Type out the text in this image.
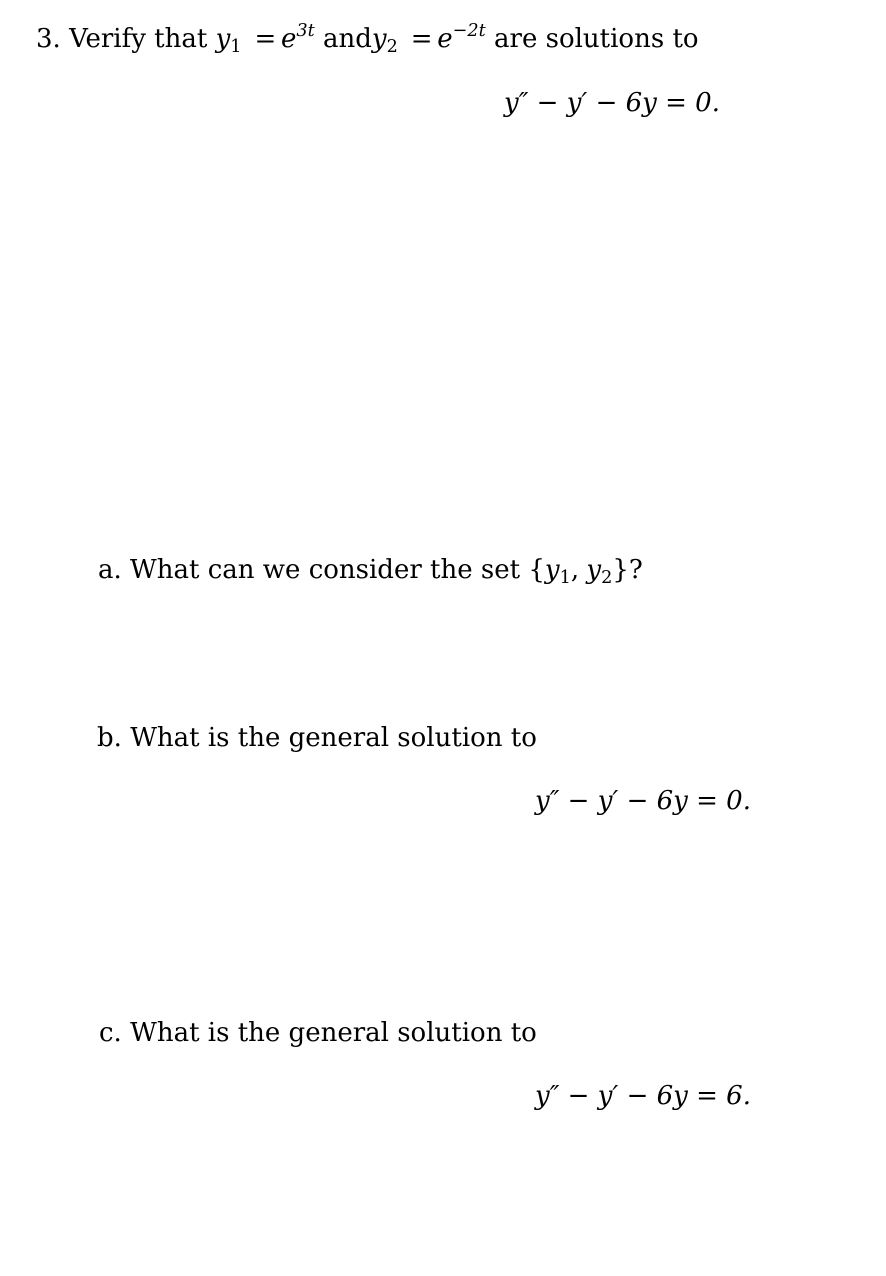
3. Verify that $y_1 = e^{3t}$ andy$_2$ = $e^{-2t}$ are solutions to
y″ − y′ − 6y = 0.
a. What can we consider the set {$y_1$, $y_2$}?
b. What is the general solution to
y″ − y′ − 6y = 0.
c. What is the general solution to
y″ − y′ − 6y = 6.
